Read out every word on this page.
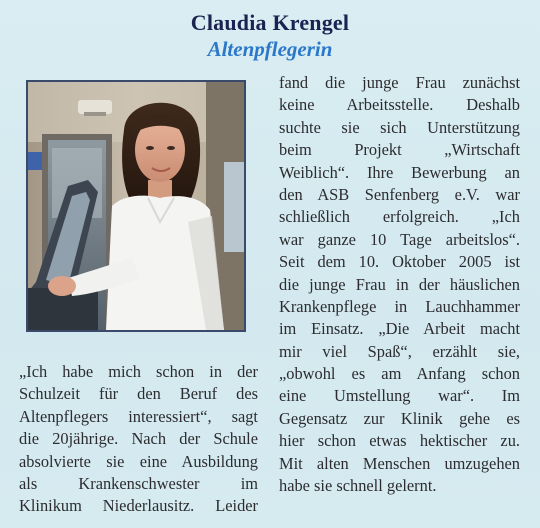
Claudia Krengel
Altenpflegerin
fand die junge Frau zunächst
keine Arbeitsstelle. Deshalb
suchte sie sich Unterstützung
beim Projekt „Wirtschaft
Weiblich“. Ihre Bewerbung an
den ASB Senfenberg e.V. war
schließlich erfolgreich. „Ich
war ganze 10 Tage arbeitslos“.
Seit dem 10. Oktober 2005 ist
die junge Frau in der häuslichen
Krankenpflege in Lauchhammer
im Einsatz. „Die Arbeit macht
mir viel Spaß“, erzählt sie,
„obwohl es am Anfang schon
eine Umstellung war“. Im
Gegensatz zur Klinik gehe es
hier schon etwas hektischer zu.
Mit alten Menschen umzugehen
habe sie schnell gelernt.
„Ich habe mich schon in der
Schulzeit für den Beruf des
Altenpflegers interessiert“, sagt
die 20jährige. Nach der Schule
absolvierte sie eine Ausbildung
als Krankenschwester im
Klinikum Niederlausitz. Leider
